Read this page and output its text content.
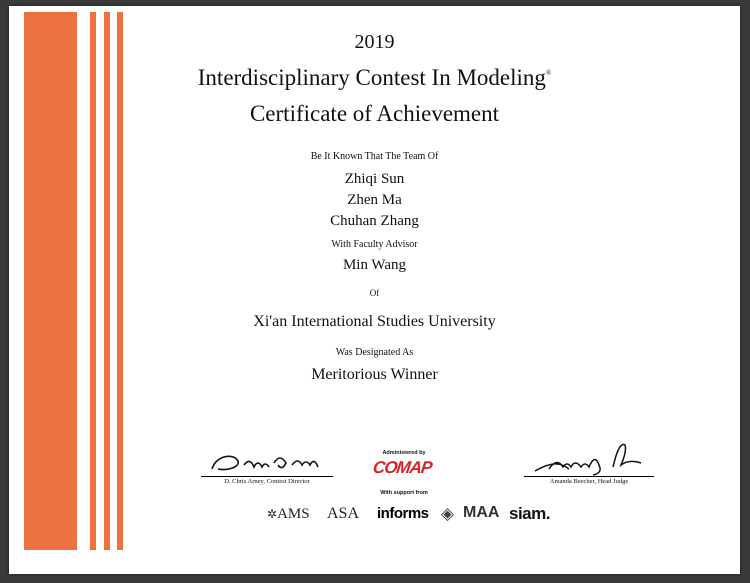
2019
Interdisciplinary Contest In Modeling®
Certificate of Achievement
Be It Known That The Team Of
Zhiqi Sun
Zhen Ma
Chuhan Zhang
With Faculty Advisor
Min Wang
Of
Xi'an International Studies University
Was Designated As
Meritorious Winner
D. Chris Arney, Contest Director
Administered by
COMAP
With support from
Amanda Beecher, Head Judge
✲AMS ASA informs ◈ MAA siam.
